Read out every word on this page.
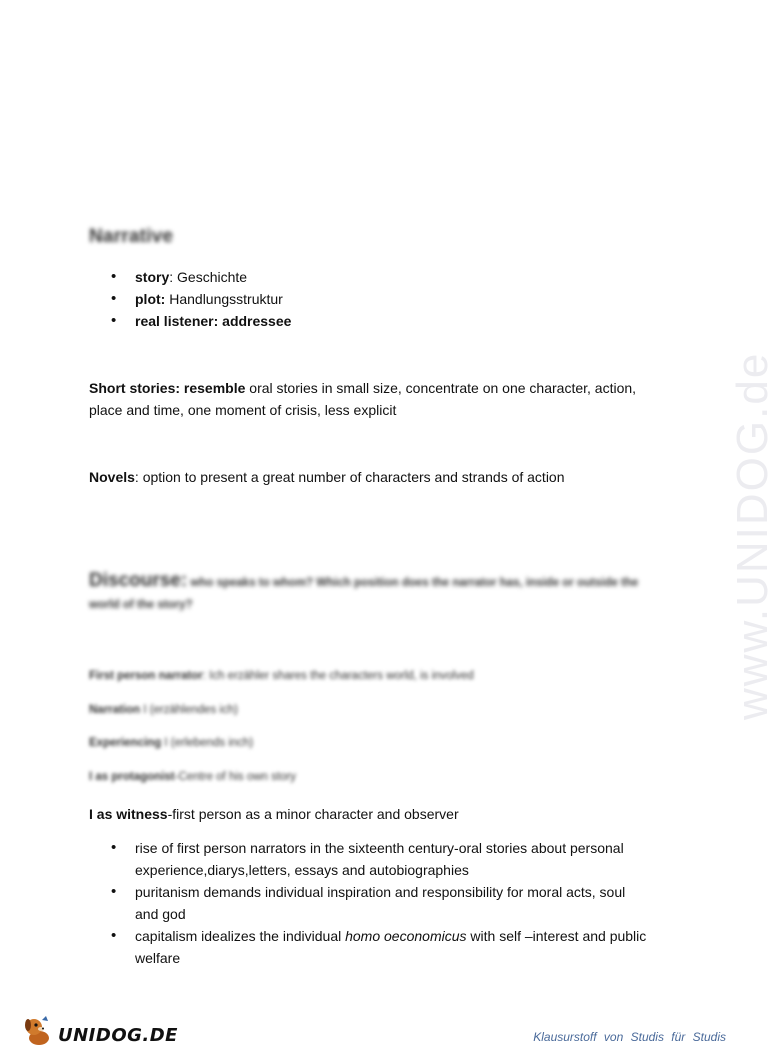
www.UNIDOG.de
Narrative
• story: Geschichte
• plot: Handlungsstruktur
• real listener: addressee
Short stories: resemble oral stories in small size, concentrate on one character, action, place and time, one moment of crisis, less explicit
Novels: option to present a great number of characters and strands of action
Discourse: who speaks to whom? Which position does the narrator has, inside or outside the world of the story?
First person narrator: Ich erzähler shares the characters world, is involved
Narration I (erzählendes ich)
Experiencing I (erlebends inch)
I as protagonist-Centre of his own story
I as witness-first person as a minor character and observer
• rise of first person narrators in the sixteenth century-oral stories about personal experience,diarys,letters, essays and autobiographies
• puritanism demands individual inspiration and responsibility for moral acts, soul and god
• capitalism idealizes the individual homo oeconomicus with self –interest and public welfare
UNIDOG.DE	Klausurstoff von Studis für Studis
